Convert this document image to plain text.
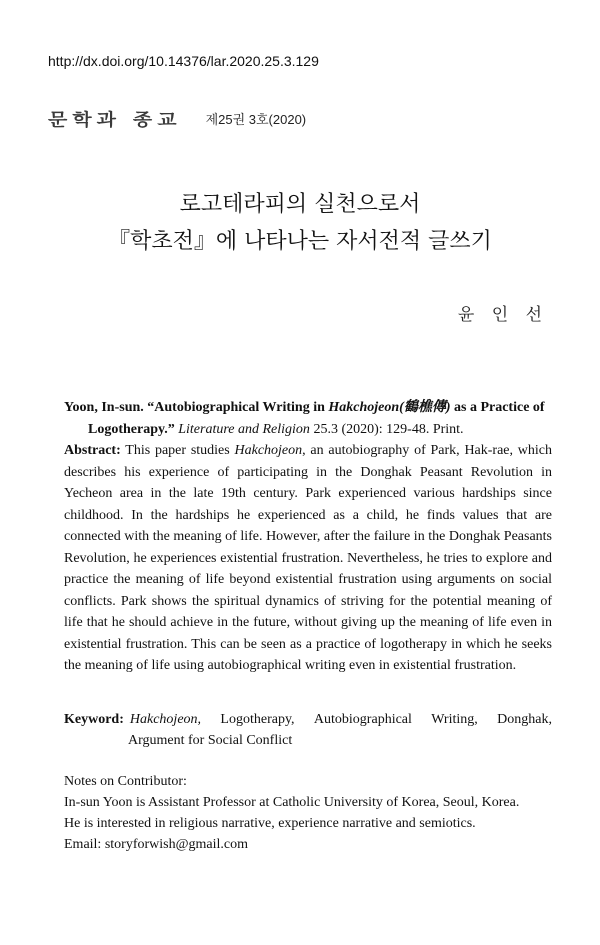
http://dx.doi.org/10.14376/lar.2020.25.3.129
문학과 종교 제25권 3호(2020)
로고테라피의 실천으로서
『학초전』에 나타나는 자서전적 글쓰기
윤 인 선
Yoon, In-sun. “Autobiographical Writing in Hakchojeon(鶴樵傳) as a Practice of
Logotherapy.” Literature and Religion 25.3 (2020): 129-48. Print.
Abstract: This paper studies Hakchojeon, an autobiography of Park, Hak-rae, which describes his experience of participating in the Donghak Peasant Revolution in Yecheon area in the late 19th century. Park experienced various hardships since childhood. In the hardships he experienced as a child, he finds values that are connected with the meaning of life. However, after the failure in the Donghak Peasants Revolution, he experiences existential frustration. Nevertheless, he tries to explore and practice the meaning of life beyond existential frustration using arguments on social conflicts. Park shows the spiritual dynamics of striving for the potential meaning of life that he should achieve in the future, without giving up the meaning of life even in existential frustration. This can be seen as a practice of logotherapy in which he seeks the meaning of life using autobiographical writing even in existential frustration.
Keyword: Hakchojeon, Logotherapy, Autobiographical Writing, Donghak,
Argument for Social Conflict
Notes on Contributor:
In-sun Yoon is Assistant Professor at Catholic University of Korea, Seoul, Korea.
He is interested in religious narrative, experience narrative and semiotics.
Email: storyforwish@gmail.com
